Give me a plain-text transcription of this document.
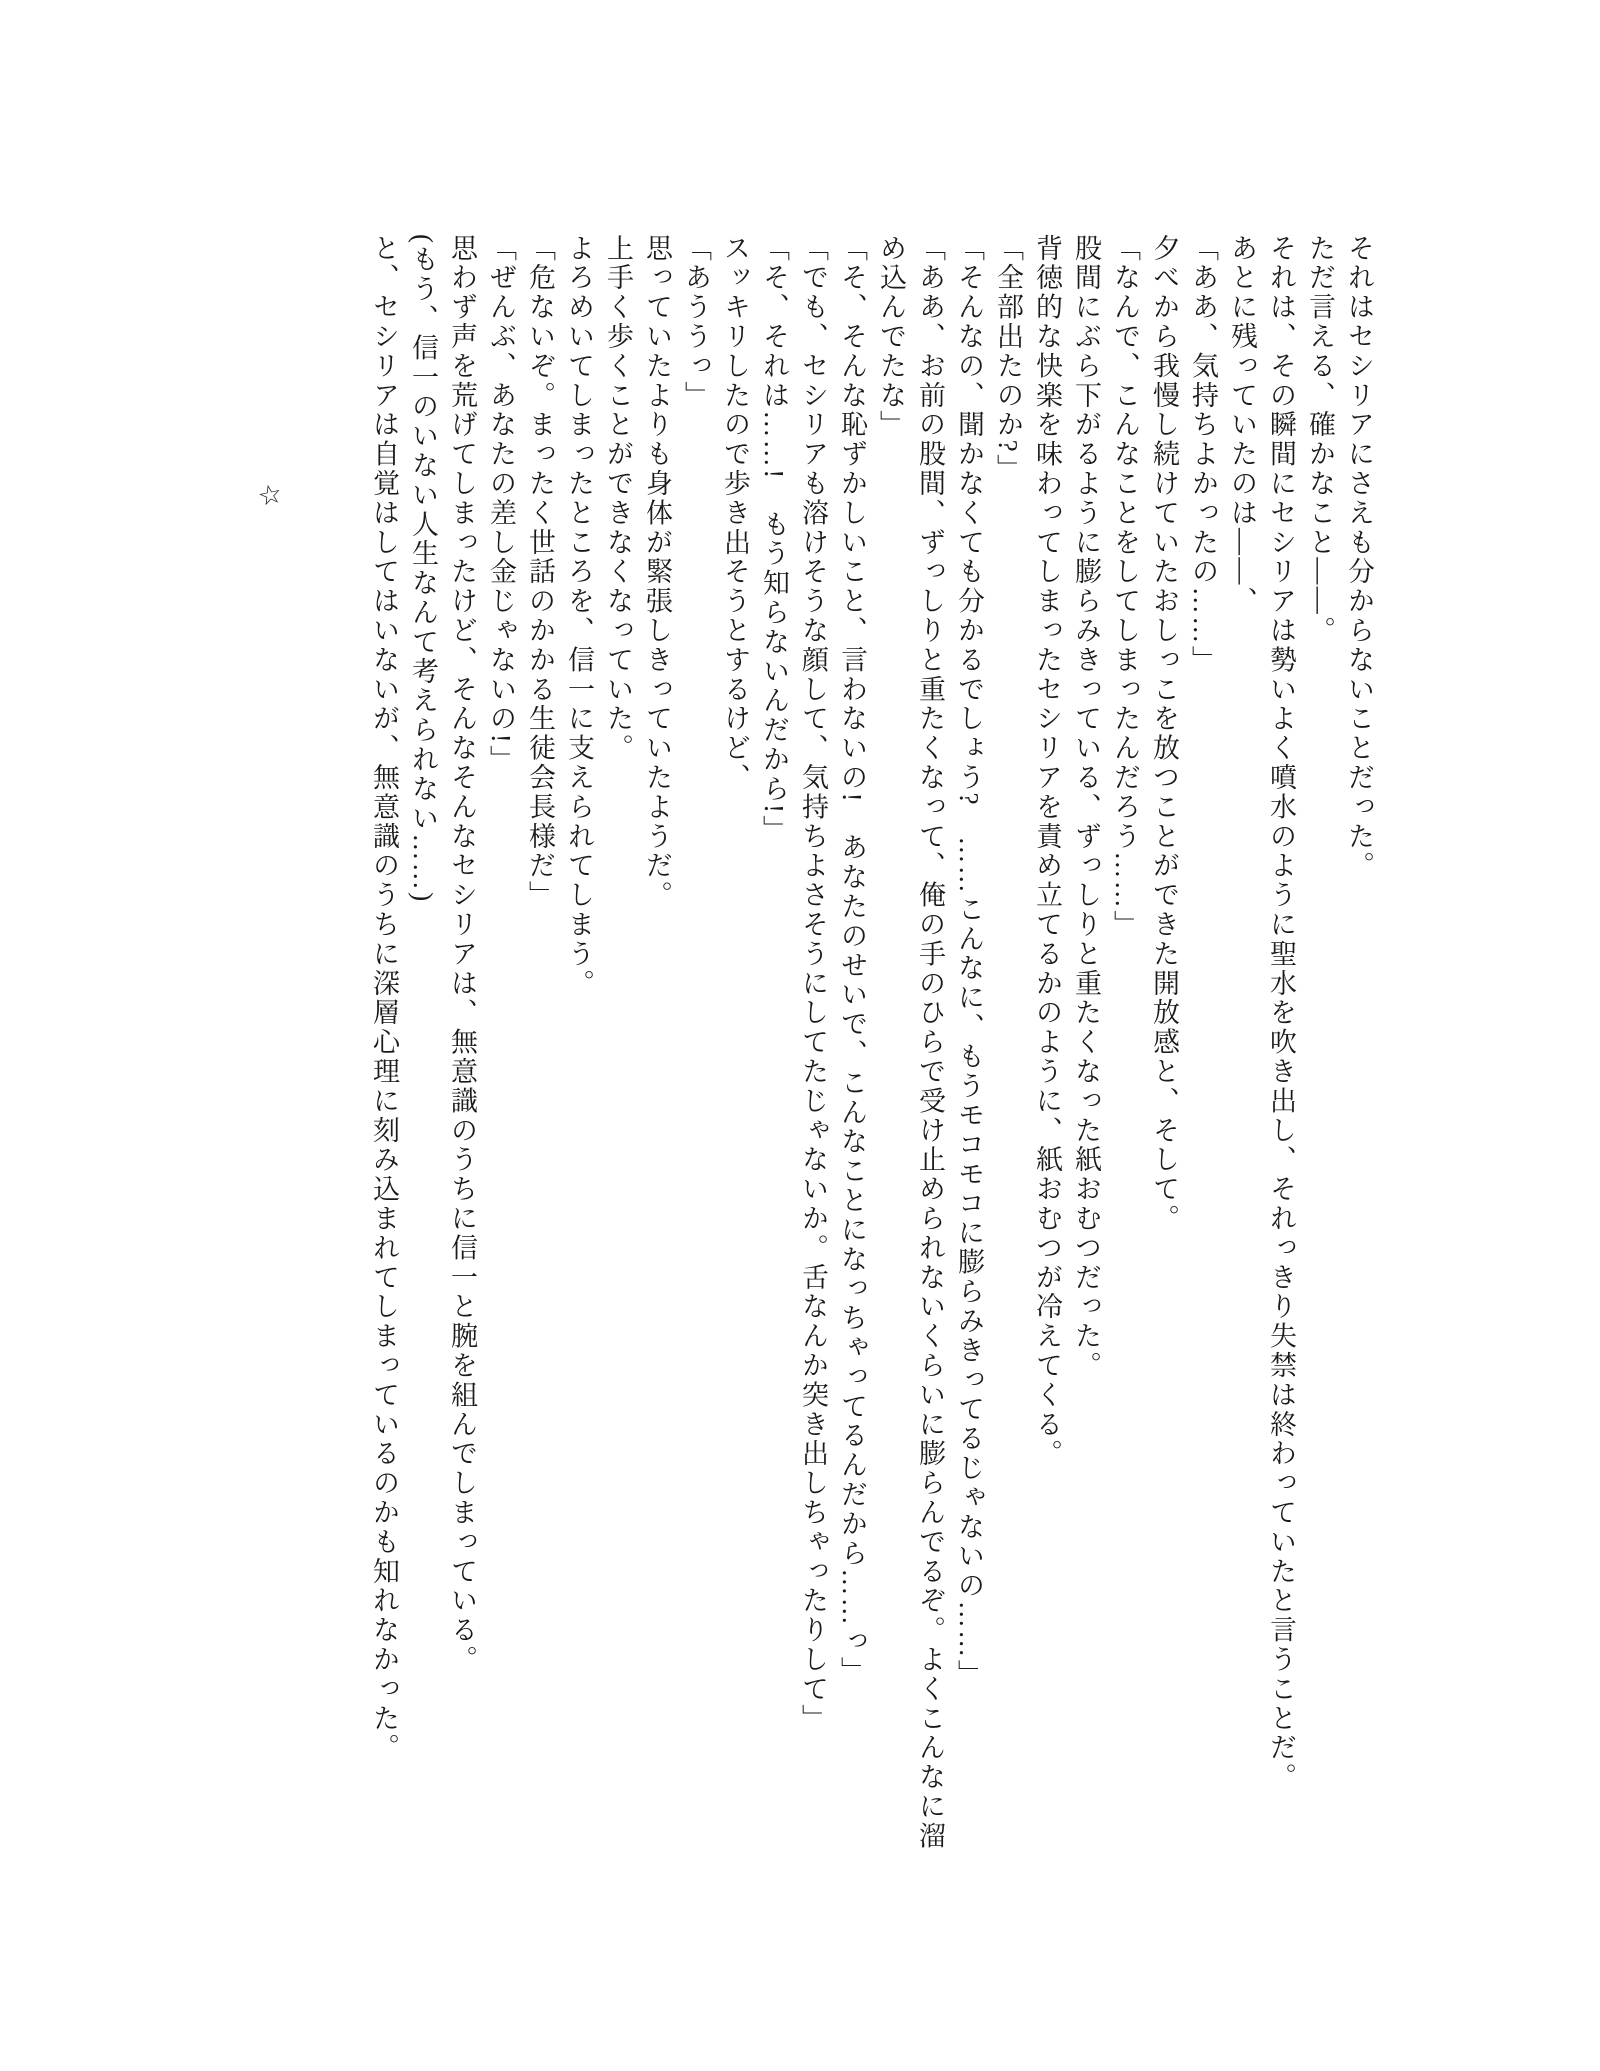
それはセシリアにさえも分からないことだった。

ただ言える、確かなこと――。

それは、その瞬間にセシリアは勢いよく噴水のように聖水を吹き出し、それっきり失禁は終わっていたと言うことだ。

あとに残っていたのは――、

「ああ、気持ちよかったの……」

夕べから我慢し続けていたおしっこを放つことができた開放感と、そして。

「なんで、こんなことをしてしまったんだろう……」

股間にぶら下がるように膨らみきっている、ずっしりと重たくなった紙おむつだった。

背徳的な快楽を味わってしまったセシリアを責め立てるかのように、紙おむつが冷えてくる。

「全部出たのか?」

「そんなの、聞かなくても分かるでしょう?　……こんなに、もうモコモコに膨らみきってるじゃないの……」

「ああ、お前の股間、ずっしりと重たくなって、俺の手のひらで受け止められないくらいに膨らんでるぞ。よくこんなに溜め込んでたな」

「そ、そんな恥ずかしいこと、言わないの!　あなたのせいで、こんなことになっちゃってるんだから……っ」

「でも、セシリアも溶けそうな顔して、気持ちよさそうにしてたじゃないか。舌なんか突き出しちゃったりして」

「そ、それは……!　もう知らないんだから!」

スッキリしたので歩き出そうとするけど、

「あううっ」

思っていたよりも身体が緊張しきっていたようだ。

上手く歩くことができなくなっていた。

よろめいてしまったところを、信一に支えられてしまう。

「危ないぞ。まったく世話のかかる生徒会長様だ」

「ぜんぶ、あなたの差し金じゃないの!」

思わず声を荒げてしまったけど、そんなそんなセシリアは、無意識のうちに信一と腕を組んでしまっている。

(もう、信一のいない人生なんて考えられない……)

と、セシリアは自覚はしてはいないが、無意識のうちに深層心理に刻み込まれてしまっているのかも知れなかった。

☆
